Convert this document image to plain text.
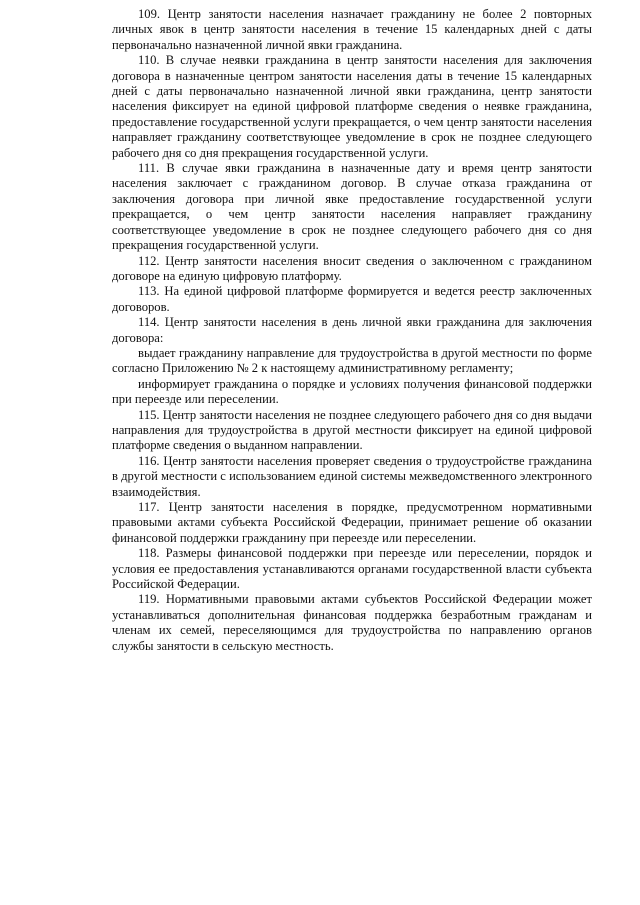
109. Центр занятости населения назначает гражданину не более 2 повторных личных явок в центр занятости населения в течение 15 календарных дней с даты первоначально назначенной личной явки гражданина.

110. В случае неявки гражданина в центр занятости населения для заключения договора в назначенные центром занятости населения даты в течение 15 календарных дней с даты первоначально назначенной личной явки гражданина, центр занятости населения фиксирует на единой цифровой платформе сведения о неявке гражданина, предоставление государственной услуги прекращается, о чем центр занятости населения направляет гражданину соответствующее уведомление в срок не позднее следующего рабочего дня со дня прекращения государственной услуги.

111. В случае явки гражданина в назначенные дату и время центр занятости населения заключает с гражданином договор. В случае отказа гражданина от заключения договора при личной явке предоставление государственной услуги прекращается, о чем центр занятости населения направляет гражданину соответствующее уведомление в срок не позднее следующего рабочего дня со дня прекращения государственной услуги.

112. Центр занятости населения вносит сведения о заключенном с гражданином договоре на единую цифровую платформу.

113. На единой цифровой платформе формируется и ведется реестр заключенных договоров.

114. Центр занятости населения в день личной явки гражданина для заключения договора:

выдает гражданину направление для трудоустройства в другой местности по форме согласно Приложению № 2 к настоящему административному регламенту;

информирует гражданина о порядке и условиях получения финансовой поддержки при переезде или переселении.

115. Центр занятости населения не позднее следующего рабочего дня со дня выдачи направления для трудоустройства в другой местности фиксирует на единой цифровой платформе сведения о выданном направлении.

116. Центр занятости населения проверяет сведения о трудоустройстве гражданина в другой местности с использованием единой системы межведомственного электронного взаимодействия.

117. Центр занятости населения в порядке, предусмотренном нормативными правовыми актами субъекта Российской Федерации, принимает решение об оказании финансовой поддержки гражданину при переезде или переселении.

118. Размеры финансовой поддержки при переезде или переселении, порядок и условия ее предоставления устанавливаются органами государственной власти субъекта Российской Федерации.

119. Нормативными правовыми актами субъектов Российской Федерации может устанавливаться дополнительная финансовая поддержка безработным гражданам и членам их семей, переселяющимся для трудоустройства по направлению органов службы занятости в сельскую местность.
